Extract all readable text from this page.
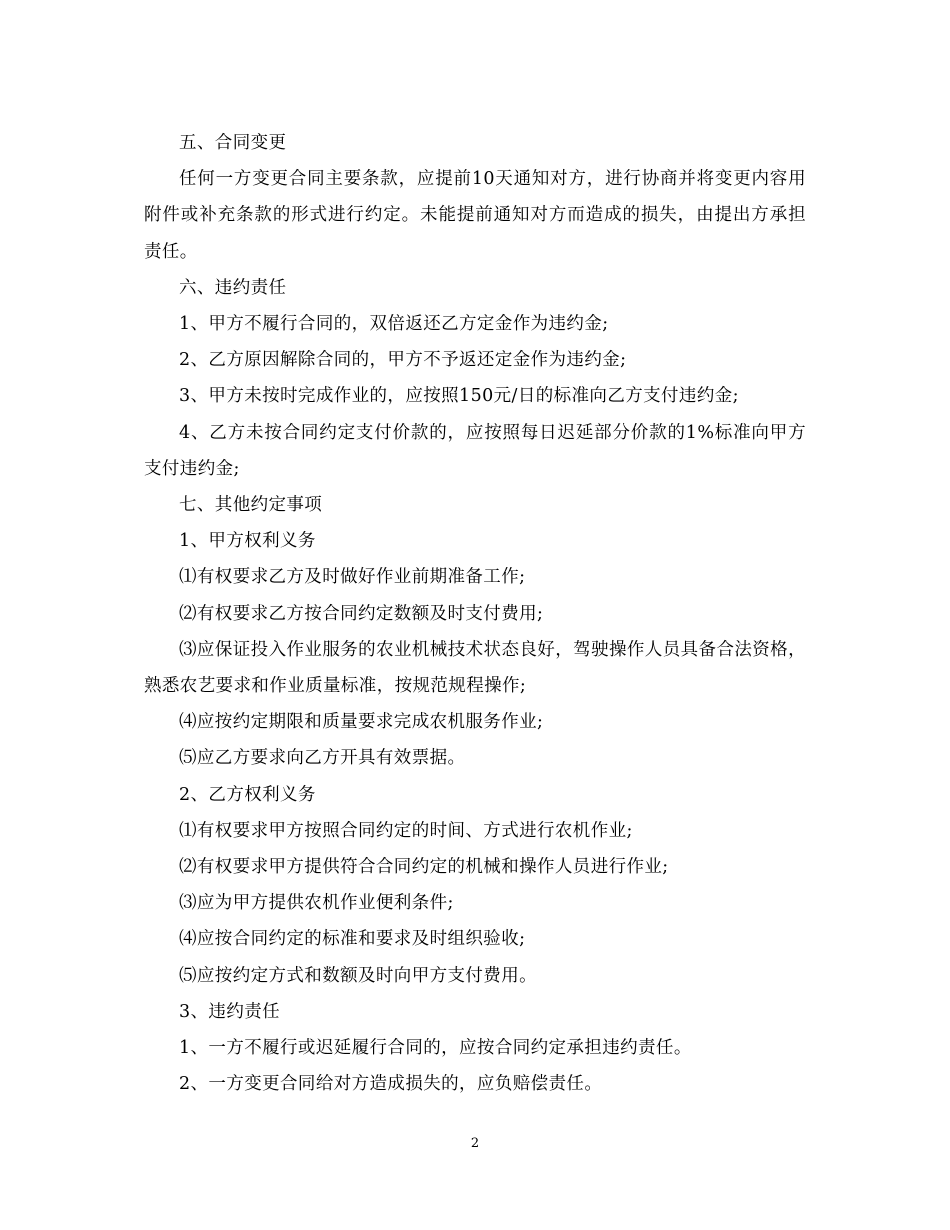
五、合同变更

任何一方变更合同主要条款，应提前10天通知对方，进行协商并将变更内容用附件或补充条款的形式进行约定。未能提前通知对方而造成的损失，由提出方承担责任。

六、违约责任

1、甲方不履行合同的，双倍返还乙方定金作为违约金;

2、乙方原因解除合同的，甲方不予返还定金作为违约金;

3、甲方未按时完成作业的，应按照150元/日的标准向乙方支付违约金;

4、乙方未按合同约定支付价款的，应按照每日迟延部分价款的1%标准向甲方支付违约金;

七、其他约定事项

1、甲方权利义务

⑴有权要求乙方及时做好作业前期准备工作;

⑵有权要求乙方按合同约定数额及时支付费用;

⑶应保证投入作业服务的农业机械技术状态良好，驾驶操作人员具备合法资格，熟悉农艺要求和作业质量标准，按规范规程操作;

⑷应按约定期限和质量要求完成农机服务作业;

⑸应乙方要求向乙方开具有效票据。

2、乙方权利义务

⑴有权要求甲方按照合同约定的时间、方式进行农机作业;

⑵有权要求甲方提供符合合同约定的机械和操作人员进行作业;

⑶应为甲方提供农机作业便利条件;

⑷应按合同约定的标准和要求及时组织验收;

⑸应按约定方式和数额及时向甲方支付费用。

3、违约责任

1、一方不履行或迟延履行合同的，应按合同约定承担违约责任。

2、一方变更合同给对方造成损失的，应负赔偿责任。

2
